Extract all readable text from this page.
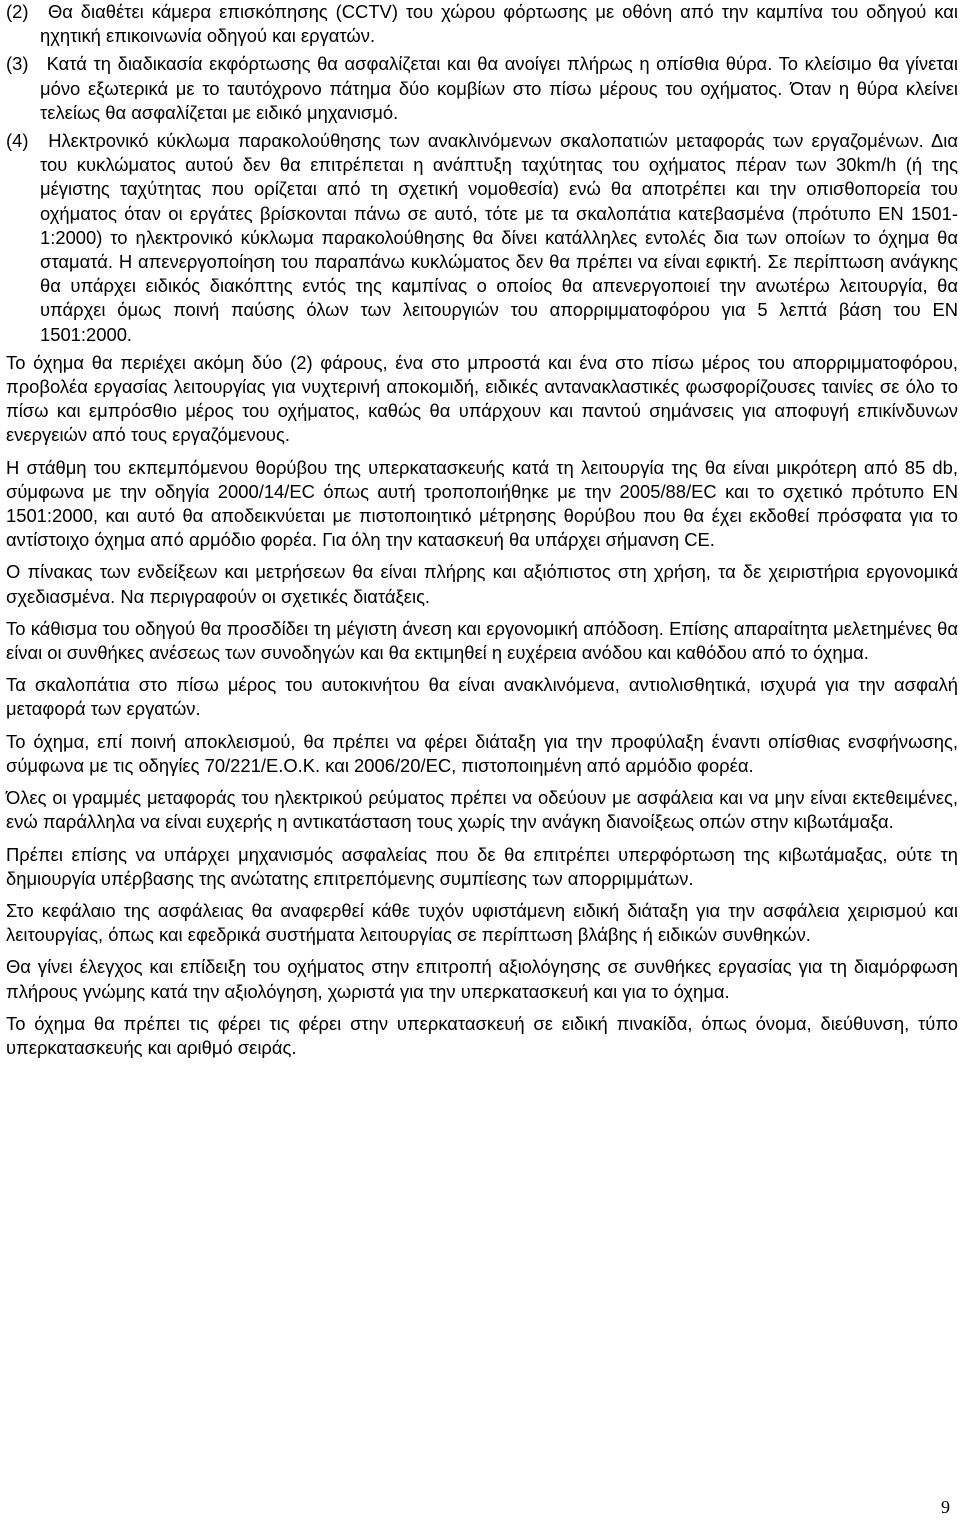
(2) Θα διαθέτει κάμερα επισκόπησης (CCTV) του χώρου φόρτωσης με οθόνη από την καμπίνα του οδηγού και ηχητική επικοινωνία οδηγού και εργατών.

(3) Κατά τη διαδικασία εκφόρτωσης θα ασφαλίζεται και θα ανοίγει πλήρως η οπίσθια θύρα. Το κλείσιμο θα γίνεται μόνο εξωτερικά με το ταυτόχρονο πάτημα δύο κομβίων στο πίσω μέρους του οχήματος. Όταν η θύρα κλείνει τελείως θα ασφαλίζεται με ειδικό μηχανισμό.

(4) Ηλεκτρονικό κύκλωμα παρακολούθησης των ανακλινόμενων σκαλοπατιών μεταφοράς των εργαζομένων. Δια του κυκλώματος αυτού δεν θα επιτρέπεται η ανάπτυξη ταχύτητας του οχήματος πέραν των 30km/h (ή της μέγιστης ταχύτητας που ορίζεται από τη σχετική νομοθεσία) ενώ θα αποτρέπει και την οπισθοπορεία του οχήματος όταν οι εργάτες βρίσκονται πάνω σε αυτό, τότε με τα σκαλοπάτια κατεβασμένα (πρότυπο ΕΝ 1501-1:2000) το ηλεκτρονικό κύκλωμα παρακολούθησης θα δίνει κατάλληλες εντολές δια των οποίων το όχημα θα σταματά. Η απενεργοποίηση του παραπάνω κυκλώματος δεν θα πρέπει να είναι εφικτή. Σε περίπτωση ανάγκης θα υπάρχει ειδικός διακόπτης εντός της καμπίνας ο οποίος θα απενεργοποιεί την ανωτέρω λειτουργία, θα υπάρχει όμως ποινή παύσης όλων των λειτουργιών του απορριμματοφόρου για 5 λεπτά βάση του ΕΝ 1501:2000.

Το όχημα θα περιέχει ακόμη δύο (2) φάρους, ένα στο μπροστά και ένα στο πίσω μέρος του απορριμματοφόρου, προβολέα εργασίας λειτουργίας για νυχτερινή αποκομιδή, ειδικές αντανακλαστικές φωσφορίζουσες ταινίες σε όλο το πίσω και εμπρόσθιο μέρος του οχήματος, καθώς θα υπάρχουν και παντού σημάνσεις για αποφυγή επικίνδυνων ενεργειών από τους εργαζόμενους.

Η στάθμη του εκπεμπόμενου θορύβου της υπερκατασκευής κατά τη λειτουργία της θα είναι μικρότερη από 85 db, σύμφωνα με την οδηγία 2000/14/EC όπως αυτή τροποποιήθηκε με την 2005/88/EC και το σχετικό πρότυπο EN 1501:2000, και αυτό θα αποδεικνύεται με πιστοποιητικό μέτρησης θορύβου που θα έχει εκδοθεί πρόσφατα για το αντίστοιχο όχημα από αρμόδιο φορέα. Για όλη την κατασκευή θα υπάρχει σήμανση CE.

Ο πίνακας των ενδείξεων και μετρήσεων θα είναι πλήρης και αξιόπιστος στη χρήση, τα δε χειριστήρια εργονομικά σχεδιασμένα. Να περιγραφούν οι σχετικές διατάξεις.

Το κάθισμα του οδηγού θα προσδίδει τη μέγιστη άνεση και εργονομική απόδοση. Επίσης απαραίτητα μελετημένες θα είναι οι συνθήκες ανέσεως των συνοδηγών και θα εκτιμηθεί η ευχέρεια ανόδου και καθόδου από το όχημα.

Τα σκαλοπάτια στο πίσω μέρος του αυτοκινήτου θα είναι ανακλινόμενα, αντιολισθητικά, ισχυρά για την ασφαλή μεταφορά των εργατών.

Το όχημα, επί ποινή αποκλεισμού, θα πρέπει να φέρει διάταξη για την προφύλαξη έναντι οπίσθιας ενσφήνωσης, σύμφωνα με τις οδηγίες 70/221/Ε.Ο.Κ. και 2006/20/EC, πιστοποιημένη από αρμόδιο φορέα.

Όλες οι γραμμές μεταφοράς του ηλεκτρικού ρεύματος πρέπει να οδεύουν με ασφάλεια και να μην είναι εκτεθειμένες, ενώ παράλληλα να είναι ευχερής η αντικατάσταση τους χωρίς την ανάγκη διανοίξεως οπών στην κιβωτάμαξα.

Πρέπει επίσης να υπάρχει μηχανισμός ασφαλείας που δε θα επιτρέπει υπερφόρτωση της κιβωτάμαξας, ούτε τη δημιουργία υπέρβασης της ανώτατης επιτρεπόμενης συμπίεσης των απορριμμάτων.

Στο κεφάλαιο της ασφάλειας θα αναφερθεί κάθε τυχόν υφιστάμενη ειδική διάταξη για την ασφάλεια χειρισμού και λειτουργίας, όπως και εφεδρικά συστήματα λειτουργίας σε περίπτωση βλάβης ή ειδικών συνθηκών.

Θα γίνει έλεγχος και επίδειξη του οχήματος στην επιτροπή αξιολόγησης σε συνθήκες εργασίας για τη διαμόρφωση πλήρους γνώμης κατά την αξιολόγηση, χωριστά για την υπερκατασκευή και για το όχημα.

Το όχημα θα πρέπει τις φέρει τις φέρει στην υπερκατασκευή σε ειδική πινακίδα, όπως όνομα, διεύθυνση, τύπο υπερκατασκευής και αριθμό σειράς.

9
